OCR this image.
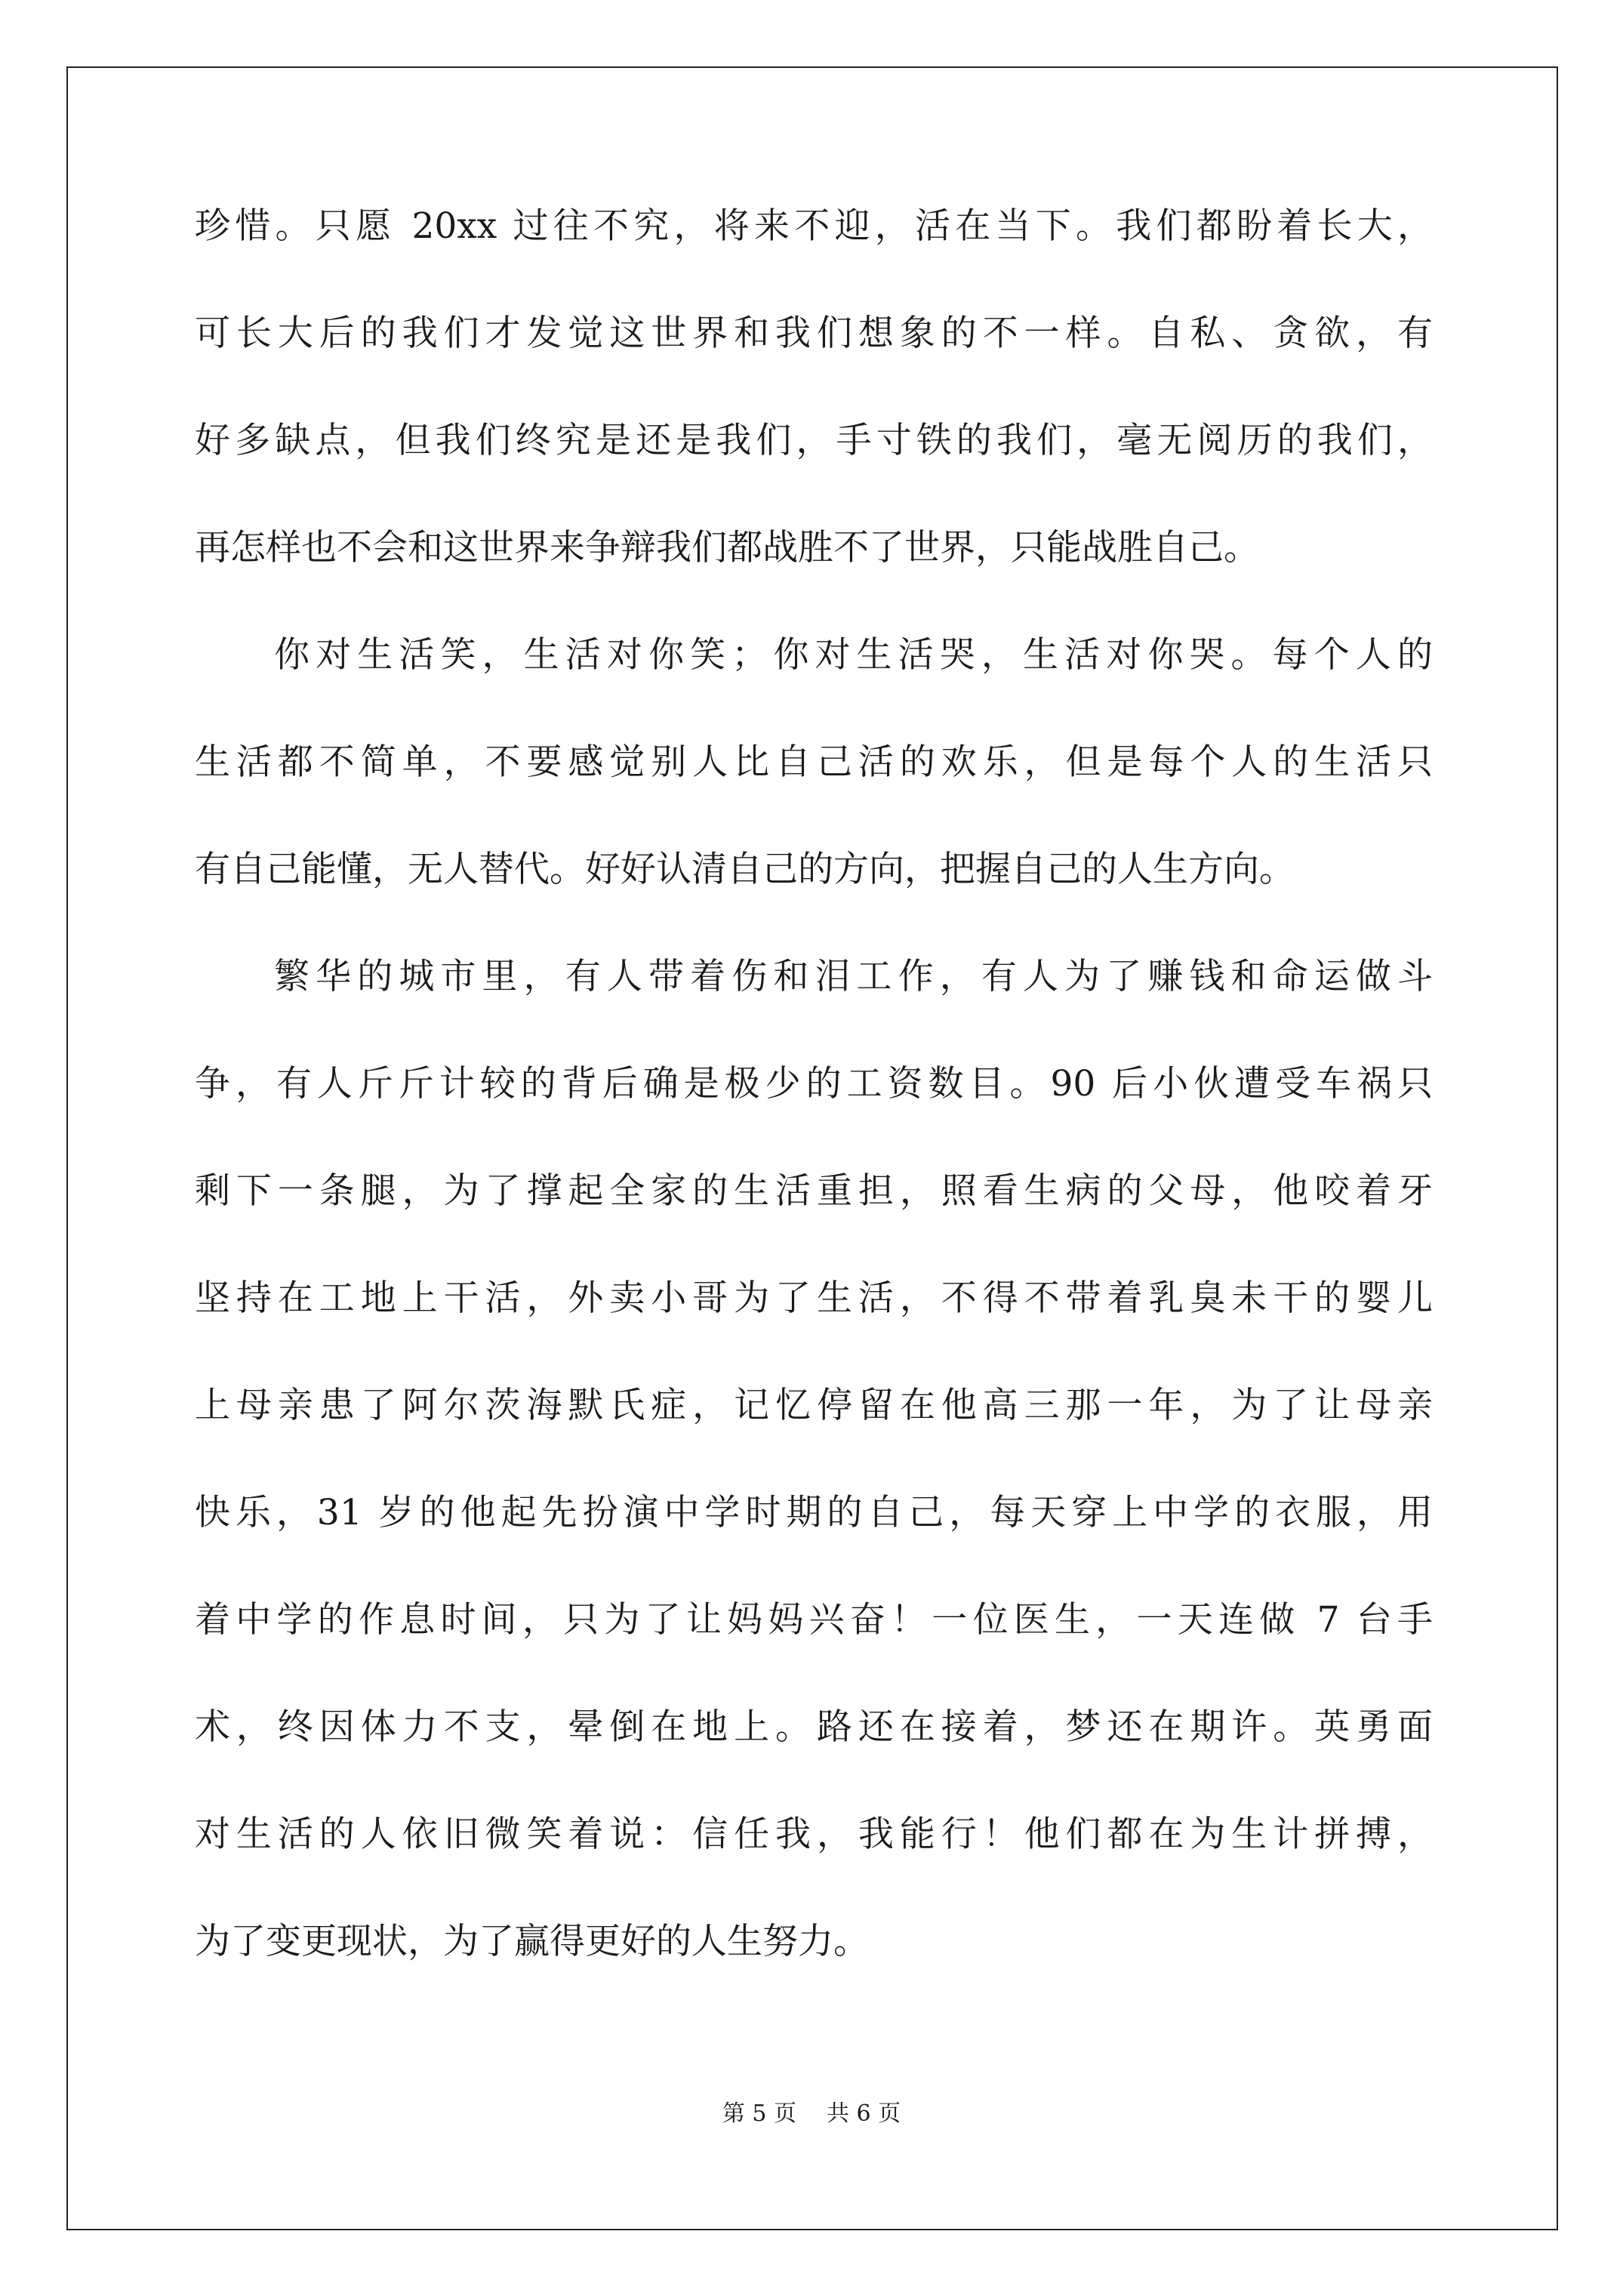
珍惜。只愿 20xx 过往不究，将来不迎，活在当下。我们都盼着长大，
可长大后的我们才发觉这世界和我们想象的不一样。自私、贪欲，有
好多缺点，但我们终究是还是我们，手寸铁的我们，毫无阅历的我们，
再怎样也不会和这世界来争辩我们都战胜不了世界，只能战胜自己。
你对生活笑，生活对你笑；你对生活哭，生活对你哭。每个人的
生活都不简单，不要感觉别人比自己活的欢乐，但是每个人的生活只
有自己能懂，无人替代。好好认清自己的方向，把握自己的人生方向。
繁华的城市里，有人带着伤和泪工作，有人为了赚钱和命运做斗
争，有人斤斤计较的背后确是极少的工资数目。90 后小伙遭受车祸只
剩下一条腿，为了撑起全家的生活重担，照看生病的父母，他咬着牙
坚持在工地上干活，外卖小哥为了生活，不得不带着乳臭未干的婴儿
上母亲患了阿尔茨海默氏症，记忆停留在他高三那一年，为了让母亲
快乐，31 岁的他起先扮演中学时期的自己，每天穿上中学的衣服，用
着中学的作息时间，只为了让妈妈兴奋！一位医生，一天连做 7 台手
术，终因体力不支，晕倒在地上。路还在接着，梦还在期许。英勇面
对生活的人依旧微笑着说：信任我，我能行！他们都在为生计拼搏，
为了变更现状，为了赢得更好的人生努力。
第 5 页 共 6 页
